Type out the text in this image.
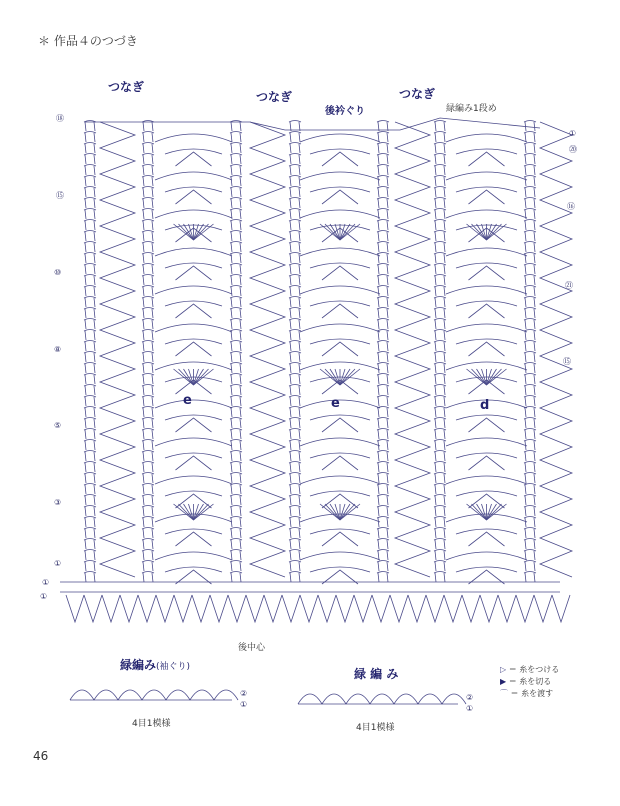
＊ 作品４のつづき
つなぎ
つなぎ	つなぎ
後衿ぐり	緑編み1段め
後中心
e	e	d
⑱
⑮
⑩
⑧
⑤
③
①
①
①
①
⑳
⑯
㉑
⑮
緑編み(袖ぐり)
4目1模様
②
①
緑 編 み
4目1模様
②
①
▷ ＝ 糸をつける
▶ ＝ 糸を切る
⌒ ＝ 糸を渡す
46
